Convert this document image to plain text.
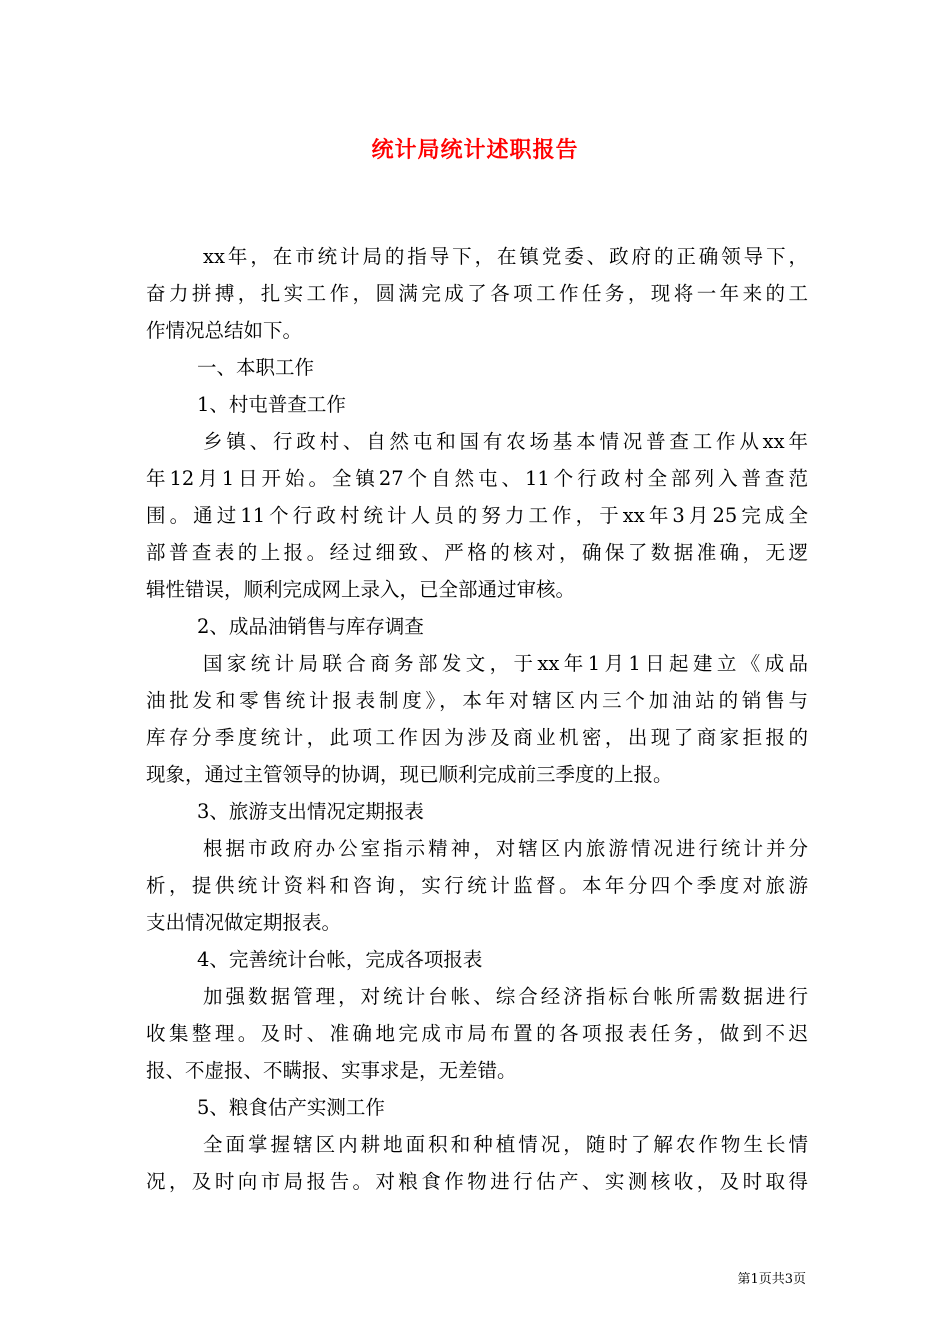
统计局统计述职报告
xx年，在市统计局的指导下，在镇党委、政府的正确领导下，
奋力拼搏，扎实工作，圆满完成了各项工作任务，现将一年来的工
作情况总结如下。
一、本职工作
1、村屯普查工作
乡镇、行政村、自然屯和国有农场基本情况普查工作从xx年
年12月1日开始。全镇27个自然屯、11个行政村全部列入普查范
围。通过11个行政村统计人员的努力工作，于xx年3月25完成全
部普查表的上报。经过细致、严格的核对，确保了数据准确，无逻
辑性错误，顺利完成网上录入，已全部通过审核。
2、成品油销售与库存调查
国家统计局联合商务部发文，于xx年1月1日起建立《成品
油批发和零售统计报表制度》，本年对辖区内三个加油站的销售与
库存分季度统计，此项工作因为涉及商业机密，出现了商家拒报的
现象，通过主管领导的协调，现已顺利完成前三季度的上报。
3、旅游支出情况定期报表
根据市政府办公室指示精神，对辖区内旅游情况进行统计并分
析，提供统计资料和咨询，实行统计监督。本年分四个季度对旅游
支出情况做定期报表。
4、完善统计台帐，完成各项报表
加强数据管理，对统计台帐、综合经济指标台帐所需数据进行
收集整理。及时、准确地完成市局布置的各项报表任务，做到不迟
报、不虚报、不瞒报、实事求是，无差错。
5、粮食估产实测工作
全面掌握辖区内耕地面积和种植情况，随时了解农作物生长情
况，及时向市局报告。对粮食作物进行估产、实测核收，及时取得
第1页共3页
